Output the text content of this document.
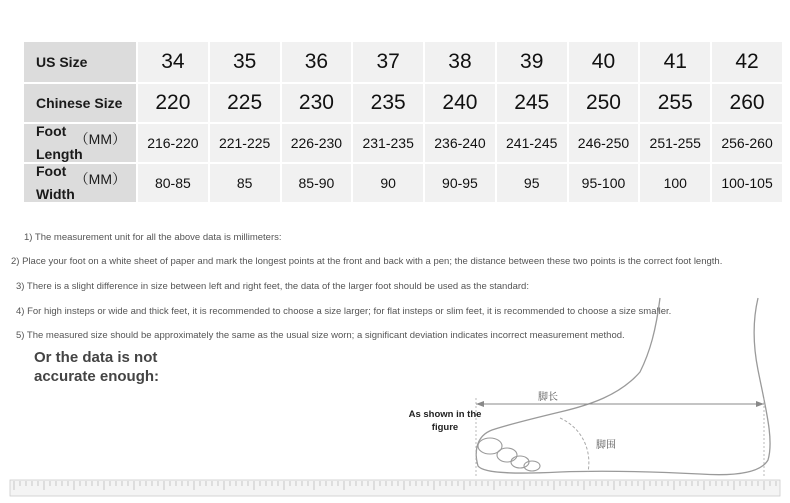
US Size	34	35	36	37	38	39	40	41	42
Chinese Size	220	225	230	235	240	245	250	255	260

（MM）
Foot
Length	216-220	221-225	226-230	231-235	236-240	241-245	246-250	251-255	256-260

（MM）
Foot
Width	80-85	85	85-90	90	90-95	95	95-100	100	100-105
1) The measurement unit for all the above data is millimeters:
2) Place your foot on a white sheet of paper and mark the longest points at the front and back with a pen; the distance between these two points is the correct foot length.
3) There is a slight difference in size between left and right feet, the data of the larger foot should be used as the standard:
4) For high insteps or wide and thick feet, it is recommended to choose a size larger; for flat insteps or slim feet, it is recommended to choose a size smaller.
5) The measured size should be approximately the same as the usual size worn; a significant deviation indicates incorrect measurement method.
Or the data is not
accurate enough:
脚长
脚围
As shown in the
figure
